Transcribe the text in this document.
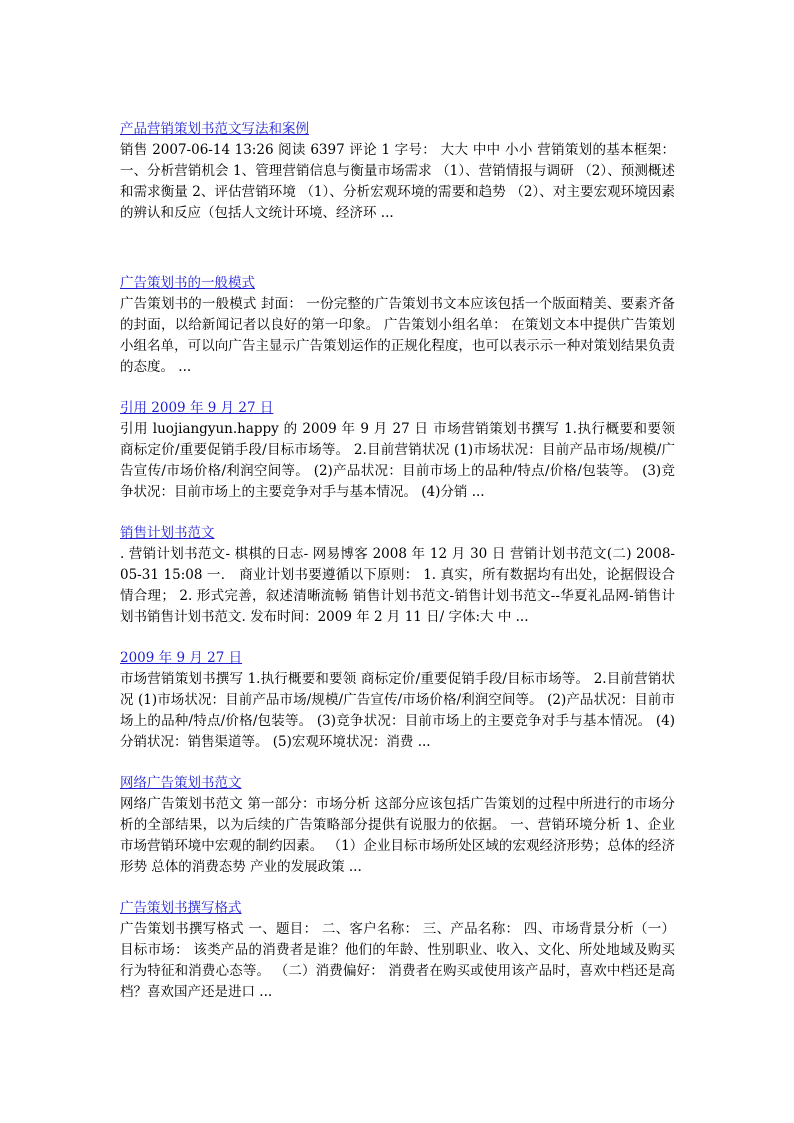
产品营销策划书范文写法和案例

销售 2007-06-14 13:26 阅读 6397 评论 1 字号： 大大 中中 小小 营销策划的基本框架：一、分析营销机会 1、管理营销信息与衡量市场需求 （1）、营销情报与调研 （2）、预测概述和需求衡量 2、评估营销环境 （1）、分析宏观环境的需要和趋势 （2）、对主要宏观环境因素的辨认和反应（包括人文统计环境、经济环 ...

广告策划书的一般模式

广告策划书的一般模式 封面： 一份完整的广告策划书文本应该包括一个版面精美、要素齐备的封面，以给新闻记者以良好的第一印象。 广告策划小组名单： 在策划文本中提供广告策划小组名单，可以向广告主显示广告策划运作的正规化程度，也可以表示示一种对策划结果负责的态度。 ...

引用 2009 年 9 月 27 日

引用 luojiangyun.happy 的 2009 年 9 月 27 日 市场营销策划书撰写 1.执行概要和要领 商标定价/重要促销手段/目标市场等。 2.目前营销状况 (1)市场状况：目前产品市场/规模/广告宣传/市场价格/利润空间等。 (2)产品状况：目前市场上的品种/特点/价格/包装等。 (3)竞争状况：目前市场上的主要竞争对手与基本情况。 (4)分销 ...

销售计划书范文

. 营销计划书范文- 棋棋的日志- 网易博客 2008 年 12 月 30 日 营销计划书范文(二) 2008-05-31 15:08 一． 商业计划书要遵循以下原则： 1. 真实，所有数据均有出处，论据假设合情合理； 2. 形式完善，叙述清晰流畅 销售计划书范文-销售计划书范文--华夏礼品网-销售计划书销售计划书范文. 发布时间：2009 年 2 月 11 日/ 字体:大 中 ...

2009 年 9 月 27 日

市场营销策划书撰写 1.执行概要和要领 商标定价/重要促销手段/目标市场等。 2.目前营销状况 (1)市场状况：目前产品市场/规模/广告宣传/市场价格/利润空间等。 (2)产品状况：目前市场上的品种/特点/价格/包装等。 (3)竞争状况：目前市场上的主要竞争对手与基本情况。 (4)分销状况：销售渠道等。 (5)宏观环境状况：消费 ...

网络广告策划书范文

网络广告策划书范文 第一部分：市场分析 这部分应该包括广告策划的过程中所进行的市场分析的全部结果，以为后续的广告策略部分提供有说服力的依据。 一、营销环境分析 1、企业市场营销环境中宏观的制约因素。 （1）企业目标市场所处区域的宏观经济形势；总体的经济形势 总体的消费态势 产业的发展政策 ...

广告策划书撰写格式

广告策划书撰写格式 一、题目： 二、客户名称： 三、产品名称： 四、市场背景分析（一）目标市场： 该类产品的消费者是谁？他们的年龄、性别职业、收入、文化、所处地域及购买行为特征和消费心态等。 （二）消费偏好： 消费者在购买或使用该产品时，喜欢中档还是高档？喜欢国产还是进口 ...
